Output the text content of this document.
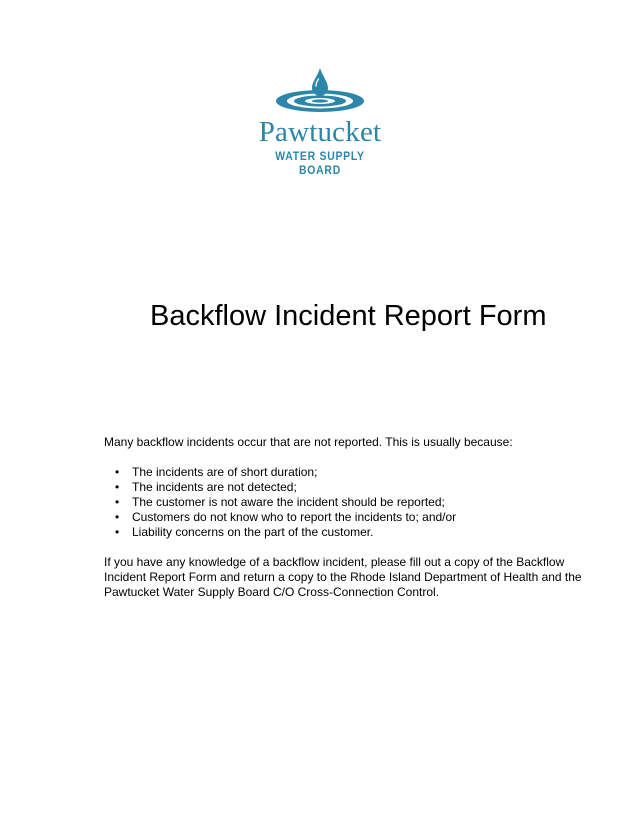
Pawtucket
WATER SUPPLY BOARD
Backflow Incident Report Form

Many backflow incidents occur that are not reported. This is usually because:

• The incidents are of short duration;
• The incidents are not detected;
• The customer is not aware the incident should be reported;
• Customers do not know who to report the incidents to; and/or
• Liability concerns on the part of the customer.

If you have any knowledge of a backflow incident, please fill out a copy of the Backflow Incident Report Form and return a copy to the Rhode Island Department of Health and the Pawtucket Water Supply Board C/O Cross-Connection Control.
